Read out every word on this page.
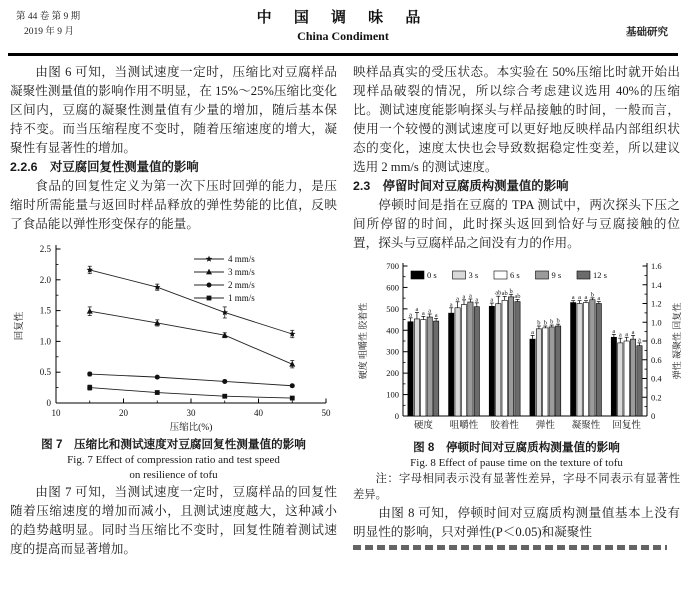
第 44 卷 第 9 期
2019 年 9 月
中 国 调 味 品
China Condiment	基础研究

由图 6 可知，当测试速度一定时，压缩比对豆腐样品凝聚性测量值的影响作用不明显，在 15%～25%压缩比变化区间内，豆腐的凝聚性测量值有少量的增加，随后基本保持不变。而当压缩程度不变时，随着压缩速度的增大，凝聚性有显著性的增加。

2.2.6　对豆腐回复性测量值的影响

食品的回复性定义为第一次下压时回弹的能力，是压缩时所需能量与返回时样品释放的弹性势能的比值，反映了食品能以弹性形变保存的能量。

0
0.5
1.0
1.5
2.0
2.5
10	20	30	40	50
压缩比(%)
回复性
4 mm/s
3 mm/s
2 mm/s
1 mm/s

图 7　压缩比和测试速度对豆腐回复性测量值的影响

Fig. 7 Effect of compression ratio and test speed
on resilience of tofu

由图 7 可知，当测试速度一定时，豆腐样品的回复性随着压缩速度的增加而减小，且测试速度越大，这种减小的趋势越明显。同时当压缩比不变时，回复性随着测试速度的提高而显著增加。

映样品真实的受压状态。本实验在 50%压缩比时就开始出现样品破裂的情况，所以综合考虑建议选用 40%的压缩比。测试速度能影响探头与样品接触的时间，一般而言，使用一个较慢的测试速度可以更好地反映样品内部组织状态的变化，速度太快也会导致数据稳定性变差，所以建议选用 2 mm/s 的测试速度。

2.3　停留时间对豆腐质构测量值的影响

停顿时间是指在豆腐的 TPA 测试中，两次探头下压之间所停留的时间，此时探头返回到恰好与豆腐接触的位置，探头与豆腐样品之间没有力的作用。

0
100
200
300
400
500
600
700
0
0.2
0.4
0.6
0.8
1.0
1.2
1.4
1.6
硬度 咀嚼性 胶着性	弹性 凝聚性 回复性
a
a
a a
a
硬度
a
a a a
a
咀嚼性
a
ab ab b
ab
胶着性
a
b b b b
弹性
a a a b
a
凝聚性
a
a a a
a
回复性
0 s	3 s	6 s	9 s	12 s

图 8　停顿时间对豆腐质构测量值的影响

Fig. 8 Effect of pause time on the texture of tofu

注：字母相同表示没有显著性差异，字母不同表示有显著性差异。

由图 8 可知，停顿时间对豆腐质构测量值基本上没有明显性的影响，只对弹性(P＜0.05)和凝聚性
